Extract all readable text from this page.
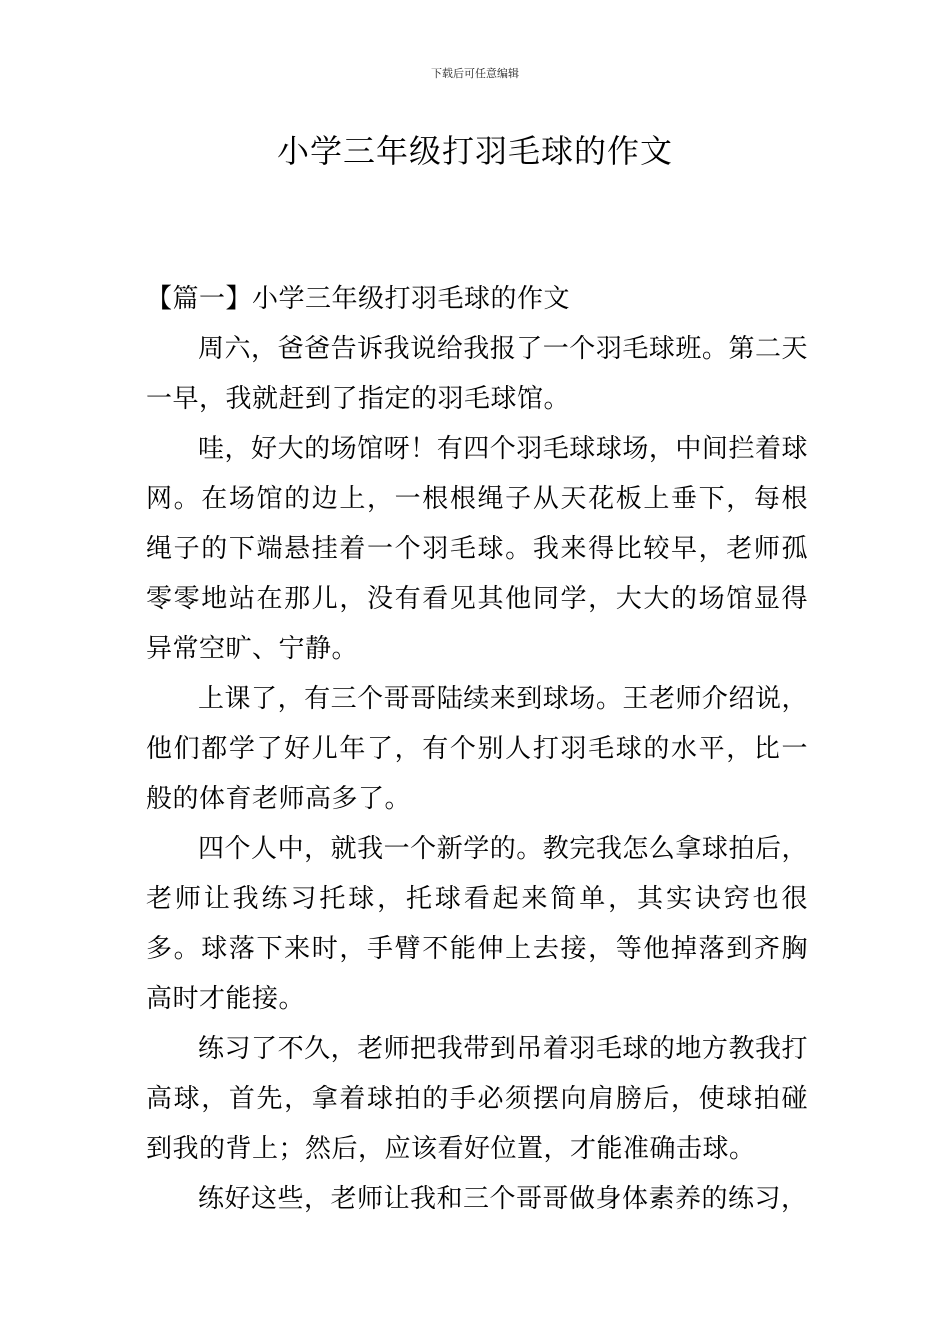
下载后可任意编辑
小学三年级打羽毛球的作文
【篇一】小学三年级打羽毛球的作文

周六，爸爸告诉我说给我报了一个羽毛球班。第二天一早，我就赶到了指定的羽毛球馆。

哇，好大的场馆呀！有四个羽毛球球场，中间拦着球网。在场馆的边上，一根根绳子从天花板上垂下，每根绳子的下端悬挂着一个羽毛球。我来得比较早，老师孤零零地站在那儿，没有看见其他同学，大大的场馆显得异常空旷、宁静。

上课了，有三个哥哥陆续来到球场。王老师介绍说，他们都学了好儿年了，有个别人打羽毛球的水平，比一般的体育老师高多了。

四个人中，就我一个新学的。教完我怎么拿球拍后，老师让我练习托球，托球看起来简单，其实诀窍也很多。球落下来时，手臂不能伸上去接，等他掉落到齐胸高时才能接。

练习了不久，老师把我带到吊着羽毛球的地方教我打高球，首先，拿着球拍的手必须摆向肩膀后，使球拍碰到我的背上；然后，应该看好位置，才能准确击球。

练好这些，老师让我和三个哥哥做身体素养的练习，
